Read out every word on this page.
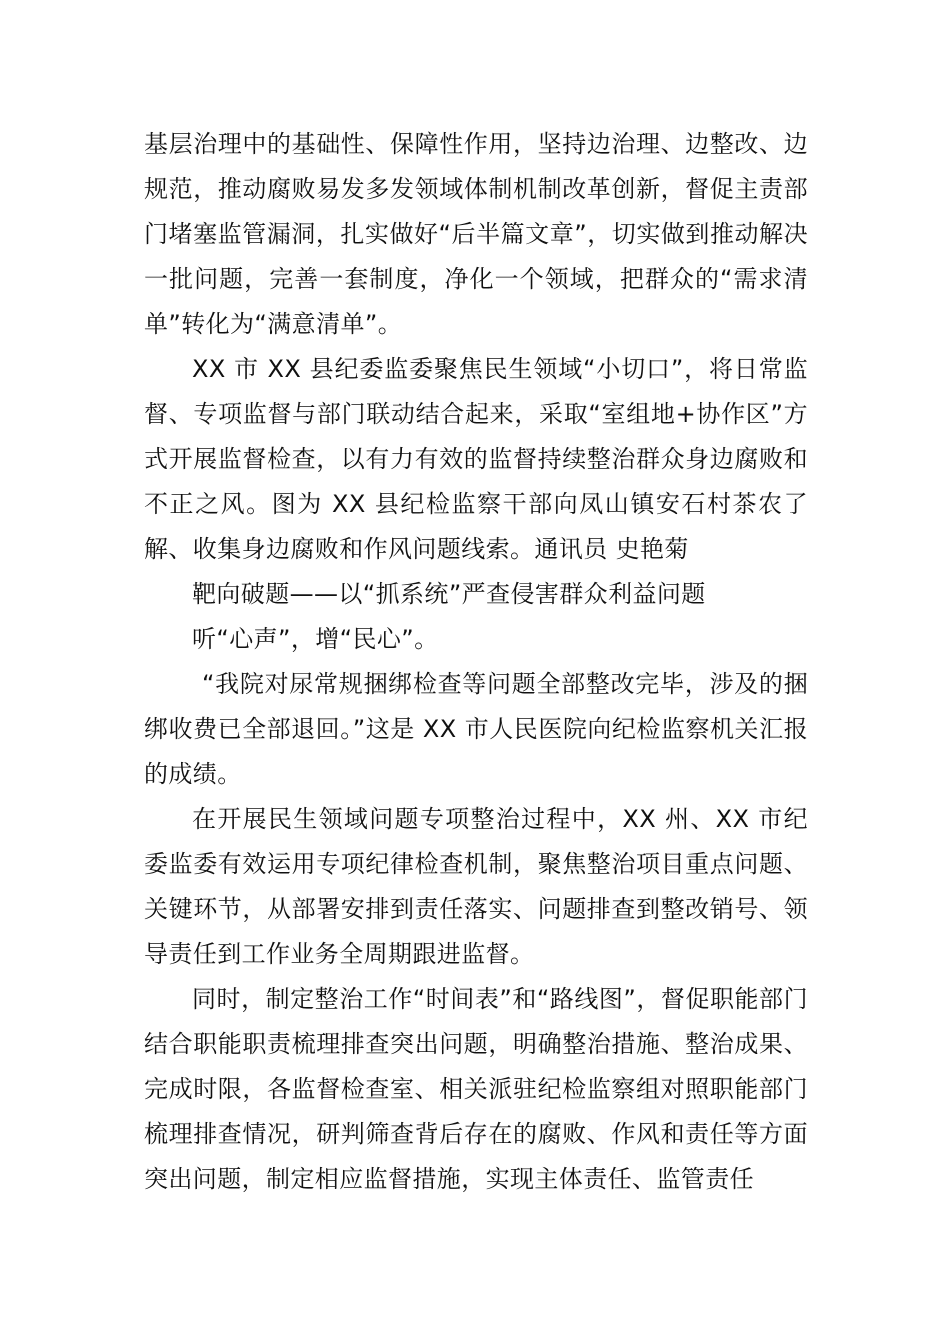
基层治理中的基础性、保障性作用，坚持边治理、边整改、边规范，推动腐败易发多发领域体制机制改革创新，督促主责部门堵塞监管漏洞，扎实做好“后半篇文章”，切实做到推动解决一批问题，完善一套制度，净化一个领域，把群众的“需求清单”转化为“满意清单”。

XX 市 XX 县纪委监委聚焦民生领域“小切口”，将日常监督、专项监督与部门联动结合起来，采取“室组地+协作区”方式开展监督检查，以有力有效的监督持续整治群众身边腐败和不正之风。图为 XX 县纪检监察干部向凤山镇安石村茶农了解、收集身边腐败和作风问题线索。通讯员 史艳菊

靶向破题——以“抓系统”严查侵害群众利益问题

听“心声”，增“民心”。

“我院对尿常规捆绑检查等问题全部整改完毕，涉及的捆绑收费已全部退回。”这是 XX 市人民医院向纪检监察机关汇报的成绩。

在开展民生领域问题专项整治过程中，XX 州、XX 市纪委监委有效运用专项纪律检查机制，聚焦整治项目重点问题、关键环节，从部署安排到责任落实、问题排查到整改销号、领导责任到工作业务全周期跟进监督。

同时，制定整治工作“时间表”和“路线图”，督促职能部门结合职能职责梳理排查突出问题，明确整治措施、整治成果、完成时限，各监督检查室、相关派驻纪检监察组对照职能部门梳理排查情况，研判筛查背后存在的腐败、作风和责任等方面突出问题，制定相应监督措施，实现主体责任、监管责任
